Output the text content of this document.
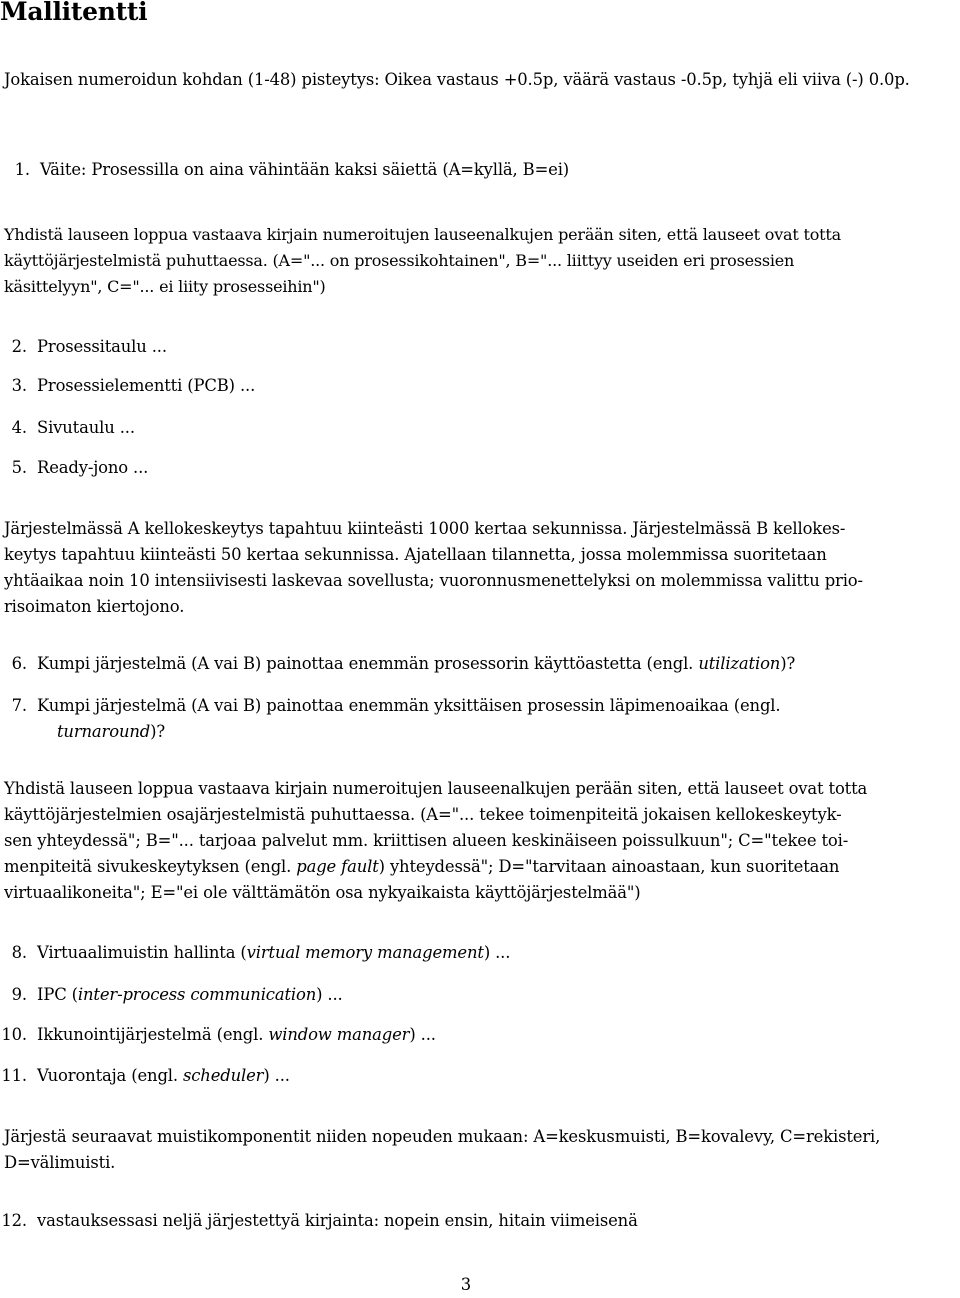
Mallitentti

Jokaisen numeroidun kohdan (1-48) pisteytys: Oikea vastaus +0.5p, väärä vastaus -0.5p, tyhjä eli viiva (-) 0.0p.

1. Väite: Prosessilla on aina vähintään kaksi säiettä (A=kyllä, B=ei)
Yhdistä lauseen loppua vastaava kirjain numeroitujen lauseenalkujen perään siten, että lauseet ovat totta
käyttöjärjestelmistä puhuttaessa. (A="... on prosessikohtainen", B="... liittyy useiden eri prosessien
käsittelyyn", C="... ei liity prosesseihin")
2. Prosessitaulu ...
3. Prosessielementti (PCB) ...
4. Sivutaulu ...
5. Ready-jono ...
Järjestelmässä A kellokeskeytys tapahtuu kiinteästi 1000 kertaa sekunnissa. Järjestelmässä B kellokes-
keytys tapahtuu kiinteästi 50 kertaa sekunnissa. Ajatellaan tilannetta, jossa molemmissa suoritetaan
yhtäaikaa noin 10 intensiivisesti laskevaa sovellusta; vuoronnusmenettelyksi on molemmissa valittu prio-
risoimaton kiertojono.
6. Kumpi järjestelmä (A vai B) painottaa enemmän prosessorin käyttöastetta (engl. utilization)?
7. Kumpi järjestelmä (A vai B) painottaa enemmän yksittäisen prosessin läpimenoaikaa (engl.
turnaround)?
Yhdistä lauseen loppua vastaava kirjain numeroitujen lauseenalkujen perään siten, että lauseet ovat totta
käyttöjärjestelmien osajärjestelmistä puhuttaessa. (A="... tekee toimenpiteitä jokaisen kellokeskeytyk-
sen yhteydessä"; B="... tarjoaa palvelut mm. kriittisen alueen keskinäiseen poissulkuun"; C="tekee toi-
menpiteitä sivukeskeytyksen (engl. page fault) yhteydessä"; D="tarvitaan ainoastaan, kun suoritetaan
virtuaalikoneita"; E="ei ole välttämätön osa nykyaikaista käyttöjärjestelmää")
8. Virtuaalimuistin hallinta (virtual memory management) ...
9. IPC (inter-process communication) ...
10. Ikkunointijärjestelmä (engl. window manager) ...
11. Vuorontaja (engl. scheduler) ...
Järjestä seuraavat muistikomponentit niiden nopeuden mukaan: A=keskusmuisti, B=kovalevy, C=rekisteri,
D=välimuisti.
12. vastauksessasi neljä järjestettyä kirjainta: nopein ensin, hitain viimeisenä
3
